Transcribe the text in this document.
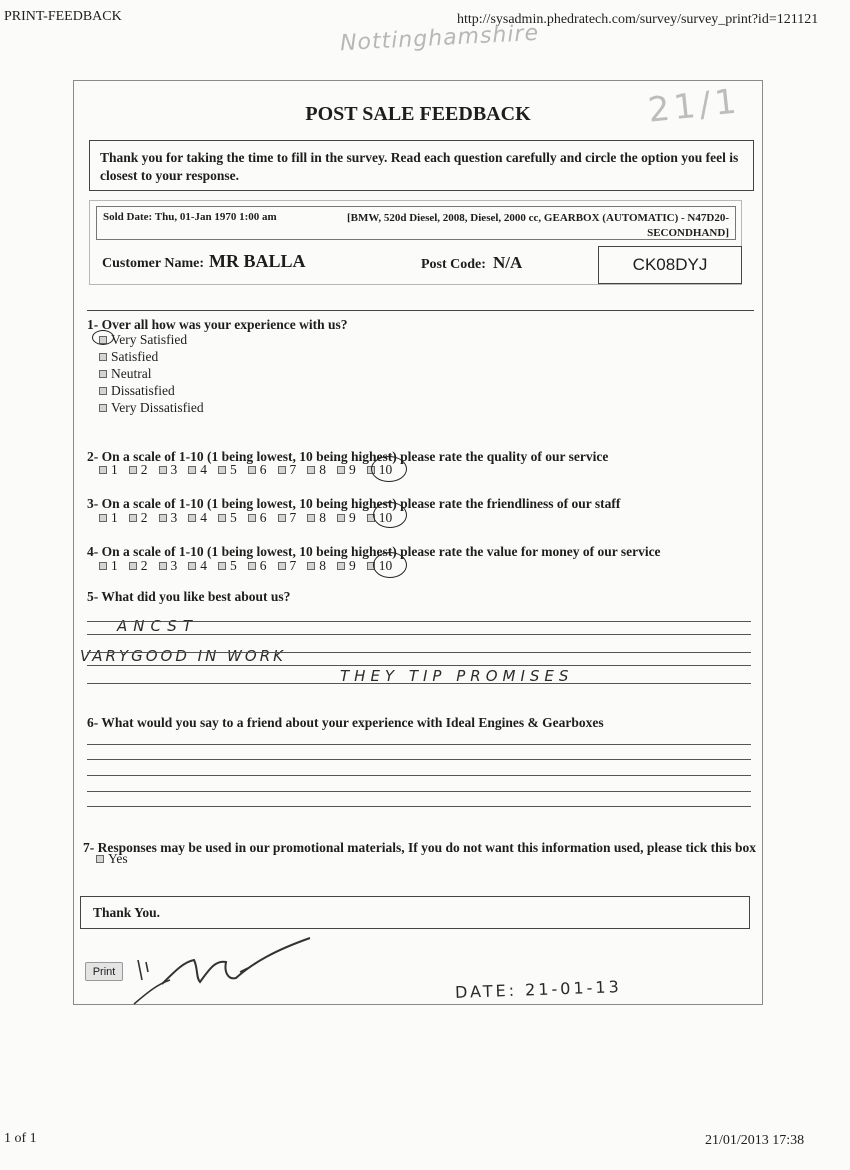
PRINT-FEEDBACK	http://sysadmin.phedratech.com/survey/survey_print?id=121121
Nottinghamshire
1 of 1	21/01/2013 17:38
21/1
POST SALE FEEDBACK
Thank you for taking the time to fill in the survey. Read each question carefully and circle the option you feel is closest to your response.
Sold Date: Thu, 01-Jan 1970 1:00 am	[BMW, 520d Diesel, 2008, Diesel, 2000 cc, GEARBOX (AUTOMATIC) - N47D20-
SECONDHAND]
Customer Name: MR BALLA	Post Code: N/A	CK08DYJ
1- Over all how was your experience with us?
Very Satisfied
Satisfied
Neutral
Dissatisfied
Very Dissatisfied
2- On a scale of 1-10 (1 being lowest, 10 being highest) please rate the quality of our service
1 2 3 4 5 6 7 8 9 10
3- On a scale of 1-10 (1 being lowest, 10 being highest) please rate the friendliness of our staff
1 2 3 4 5 6 7 8 9 10
4- On a scale of 1-10 (1 being lowest, 10 being highest) please rate the value for money of our service
1 2 3 4 5 6 7 8 9 10
5- What did you like best about us?
ANCST
VARYGOOD IN WORK
THEY TIP PROMISES
6- What would you say to a friend about your experience with Ideal Engines & Gearboxes
7- Responses may be used in our promotional materials, If you do not want this information used, please tick this box
Yes
Thank You.
Print
DATE: 21-01-13
